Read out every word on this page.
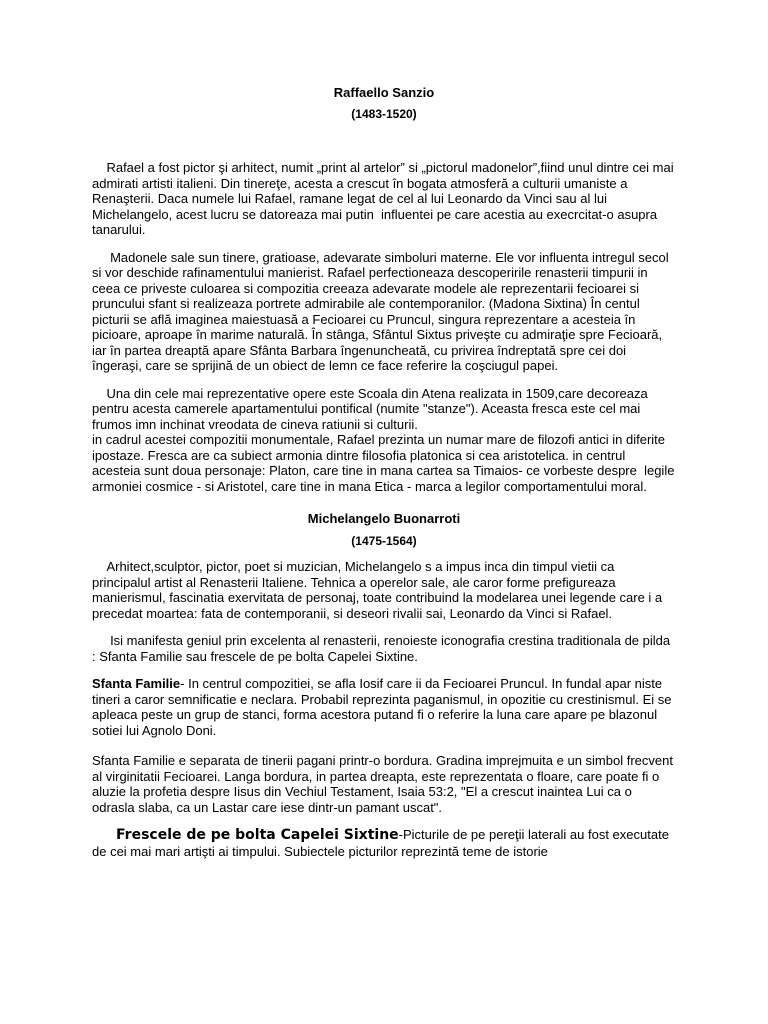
Raffaello Sanzio

(1483-1520)

Rafael a fost pictor şi arhitect, numit „print al artelor” si „pictorul madonelor”,fiind unul dintre cei mai admirati artisti italieni. Din tinereţe, acesta a crescut în bogata atmosferă a culturii umaniste a Renaşterii. Daca numele lui Rafael, ramane legat de cel al lui Leonardo da Vinci sau al lui Michelangelo, acest lucru se datoreaza mai putin  influentei pe care acestia au execrcitat-o asupra tanarului.

Madonele sale sun tinere, gratioase, adevarate simboluri materne. Ele vor influenta intregul secol si vor deschide rafinamentului manierist. Rafael perfectioneaza descoperirile renasterii timpurii in ceea ce priveste culoarea si compozitia creeaza adevarate modele ale reprezentarii fecioarei si pruncului sfant si realizeaza portrete admirabile ale contemporanilor. (Madona Sixtina) În centul picturii se află imaginea maiestuasă a Fecioarei cu Pruncul, singura reprezentare a acesteia în picioare, aproape în marime naturală. În stânga, Sfântul Sixtus priveşte cu admiraţie spre Fecioară, iar în partea dreaptă apare Sfânta Barbara îngenuncheată, cu privirea îndreptată spre cei doi îngeraşi, care se sprijină de un obiect de lemn ce face referire la coşciugul papei.

Una din cele mai reprezentative opere este Scoala din Atena realizata in 1509,care decoreaza pentru acesta camerele apartamentului pontifical (numite "stanze"). Aceasta fresca este cel mai frumos imn inchinat vreodata de cineva ratiunii si culturii.
in cadrul acestei compozitii monumentale, Rafael prezinta un numar mare de filozofi antici in diferite ipostaze. Fresca are ca subiect armonia dintre filosofia platonica si cea aristotelica. in centrul acesteia sunt doua personaje: Platon, care tine in mana cartea sa Timaios- ce vorbeste despre  legile  armoniei cosmice - si Aristotel, care tine in mana Etica - marca a legilor comportamentului moral.

Michelangelo Buonarroti

(1475-1564)

Arhitect,sculptor, pictor, poet si muzician, Michelangelo s a impus inca din timpul vietii ca principalul artist al Renasterii Italiene. Tehnica a operelor sale, ale caror forme prefigureaza manierismul, fascinatia exervitata de personaj, toate contribuind la modelarea unei legende care i a precedat moartea: fata de contemporanii, si deseori rivalii sai, Leonardo da Vinci si Rafael.

Isi manifesta geniul prin excelenta al renasterii, renoieste iconografia crestina traditionala de pilda : Sfanta Familie sau frescele de pe bolta Capelei Sixtine.

Sfanta Familie- In centrul compozitiei, se afla Iosif care ii da Fecioarei Pruncul. In fundal apar niste tineri a caror semnificatie e neclara. Probabil reprezinta paganismul, in opozitie cu crestinismul. Ei se apleaca peste un grup de stanci, forma acestora putand fi o referire la luna care apare pe blazonul sotiei lui Agnolo Doni.

Sfanta Familie e separata de tinerii pagani printr-o bordura. Gradina imprejmuita e un simbol frecvent al virginitatii Fecioarei. Langa bordura, in partea dreapta, este reprezentata o floare, care poate fi o aluzie la profetia despre Iisus din Vechiul Testament, Isaia 53:2, "El a crescut inaintea Lui ca o odrasla slaba, ca un Lastar care iese dintr-un pamant uscat".

Frescele de pe bolta Capelei Sixtine-Picturile de pe pereţii laterali au fost executate de cei mai mari artişti ai timpului. Subiectele picturilor reprezintă teme de istorie
